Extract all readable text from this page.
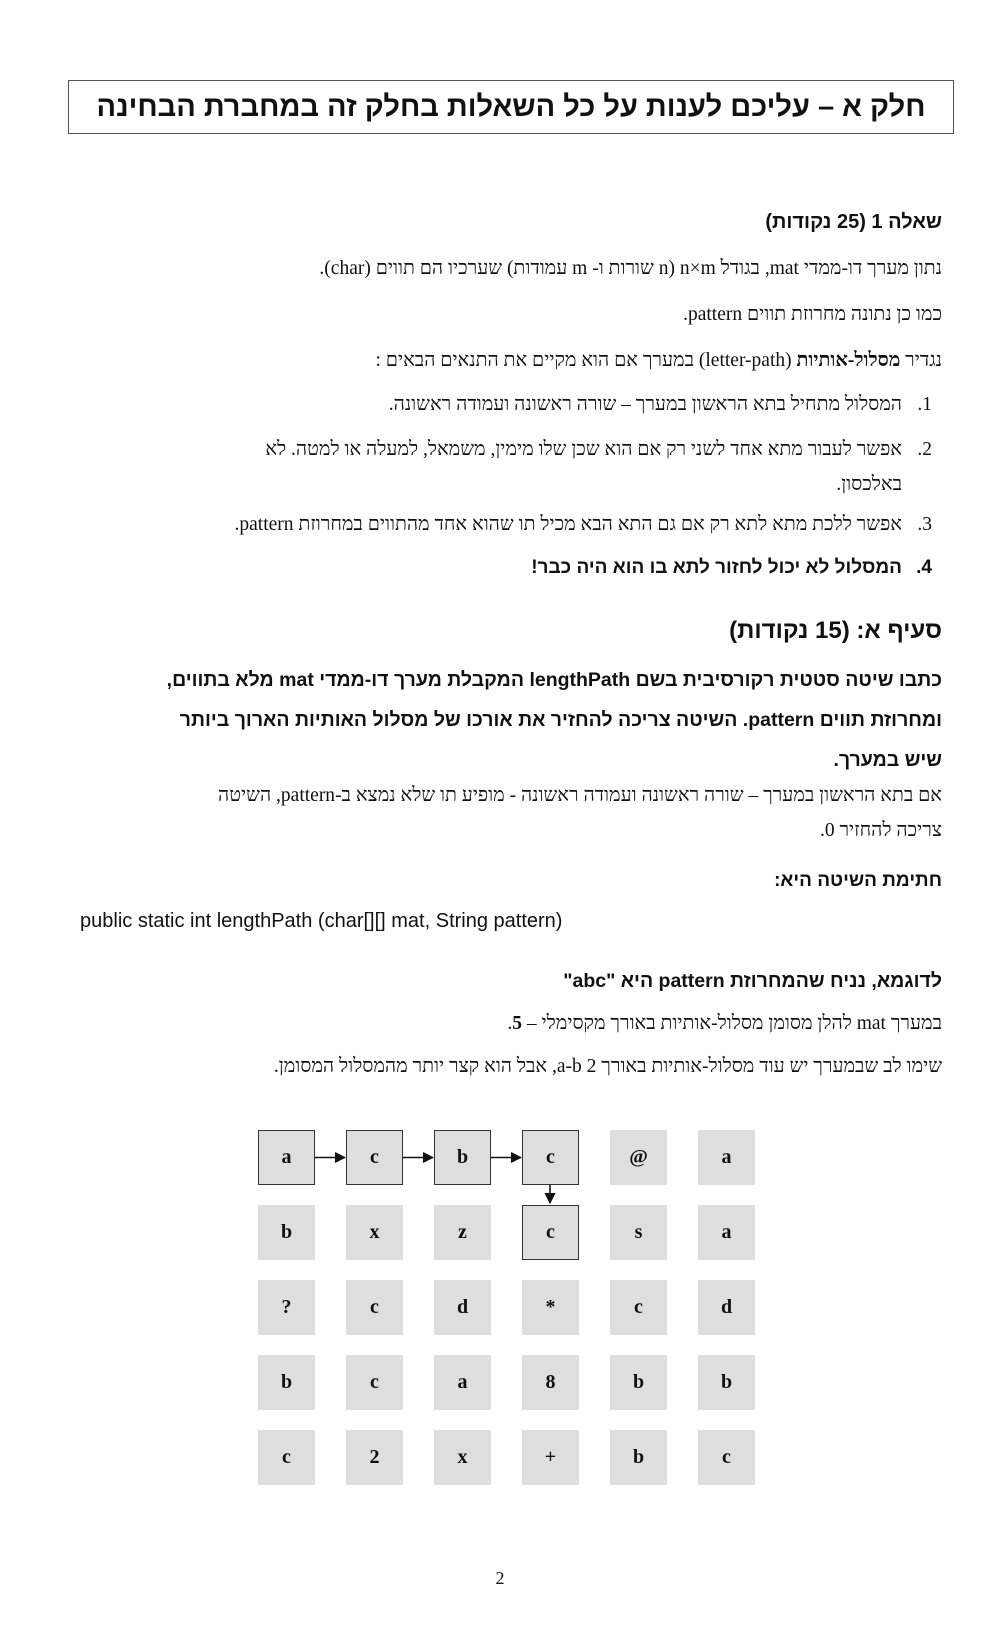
חלק א – עליכם לענות על כל השאלות בחלק זה במחברת הבחינה
שאלה 1 (25 נקודות)
נתון מערך דו-ממדי mat, בגודל n×m (n שורות ו- m עמודות) שערכיו הם תווים (char).
כמו כן נתונה מחרוזת תווים pattern.
נגדיר מסלול-אותיות (letter-path) במערך אם הוא מקיים את התנאים הבאים :
1.המסלול מתחיל בתא הראשון במערך – שורה ראשונה ועמודה ראשונה.
2.אפשר לעבור מתא אחד לשני רק אם הוא שכן שלו מימין, משמאל, למעלה או למטה. לא
באלכסון.
3.אפשר ללכת מתא לתא רק אם גם התא הבא מכיל תו שהוא אחד מהתווים במחרוזת pattern.
4.המסלול לא יכול לחזור לתא בו הוא היה כבר!
סעיף א: (15 נקודות)
כתבו שיטה סטטית רקורסיבית בשם lengthPath המקבלת מערך דו-ממדי mat מלא בתווים,
ומחרוזת תווים pattern. השיטה צריכה להחזיר את אורכו של מסלול האותיות הארוך ביותר
שיש במערך.
אם בתא הראשון במערך – שורה ראשונה ועמודה ראשונה - מופיע תו שלא נמצא ב-pattern, השיטה
צריכה להחזיר 0.
חתימת השיטה היא:
public static int lengthPath (char[][] mat, String pattern)
לדוגמא, נניח שהמחרוזת pattern היא "abc"
במערך mat להלן מסומן מסלול-אותיות באורך מקסימלי – 5.
שימו לב שבמערך יש עוד מסלול-אותיות באורך 2 a-b, אבל הוא קצר יותר מהמסלול המסומן.
c
b
+
x
2
c
b
b
8
a
c
b
d
c
*
d
c
?
a
s
c
z
x
b
a
@
c
b
c
a
2
